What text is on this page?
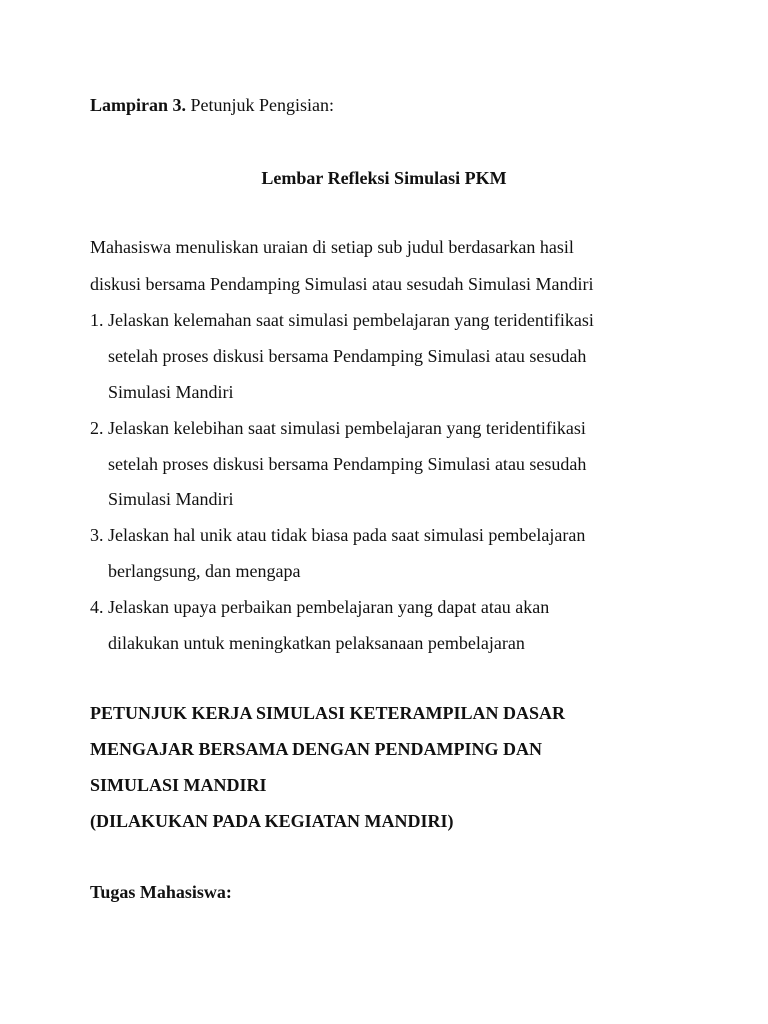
Lampiran 3. Petunjuk Pengisian:
Lembar Refleksi Simulasi PKM
Mahasiswa menuliskan uraian di setiap sub judul berdasarkan hasil
diskusi bersama Pendamping Simulasi atau sesudah Simulasi Mandiri
1. Jelaskan kelemahan saat simulasi pembelajaran yang teridentifikasi
setelah proses diskusi bersama Pendamping Simulasi atau sesudah
Simulasi Mandiri
2. Jelaskan kelebihan saat simulasi pembelajaran yang teridentifikasi
setelah proses diskusi bersama Pendamping Simulasi atau sesudah
Simulasi Mandiri
3. Jelaskan hal unik atau tidak biasa pada saat simulasi pembelajaran
berlangsung, dan mengapa
4. Jelaskan upaya perbaikan pembelajaran yang dapat atau akan
dilakukan untuk meningkatkan pelaksanaan pembelajaran
PETUNJUK KERJA SIMULASI KETERAMPILAN DASAR
MENGAJAR BERSAMA DENGAN PENDAMPING DAN
SIMULASI MANDIRI
(DILAKUKAN PADA KEGIATAN MANDIRI)
Tugas Mahasiswa:
